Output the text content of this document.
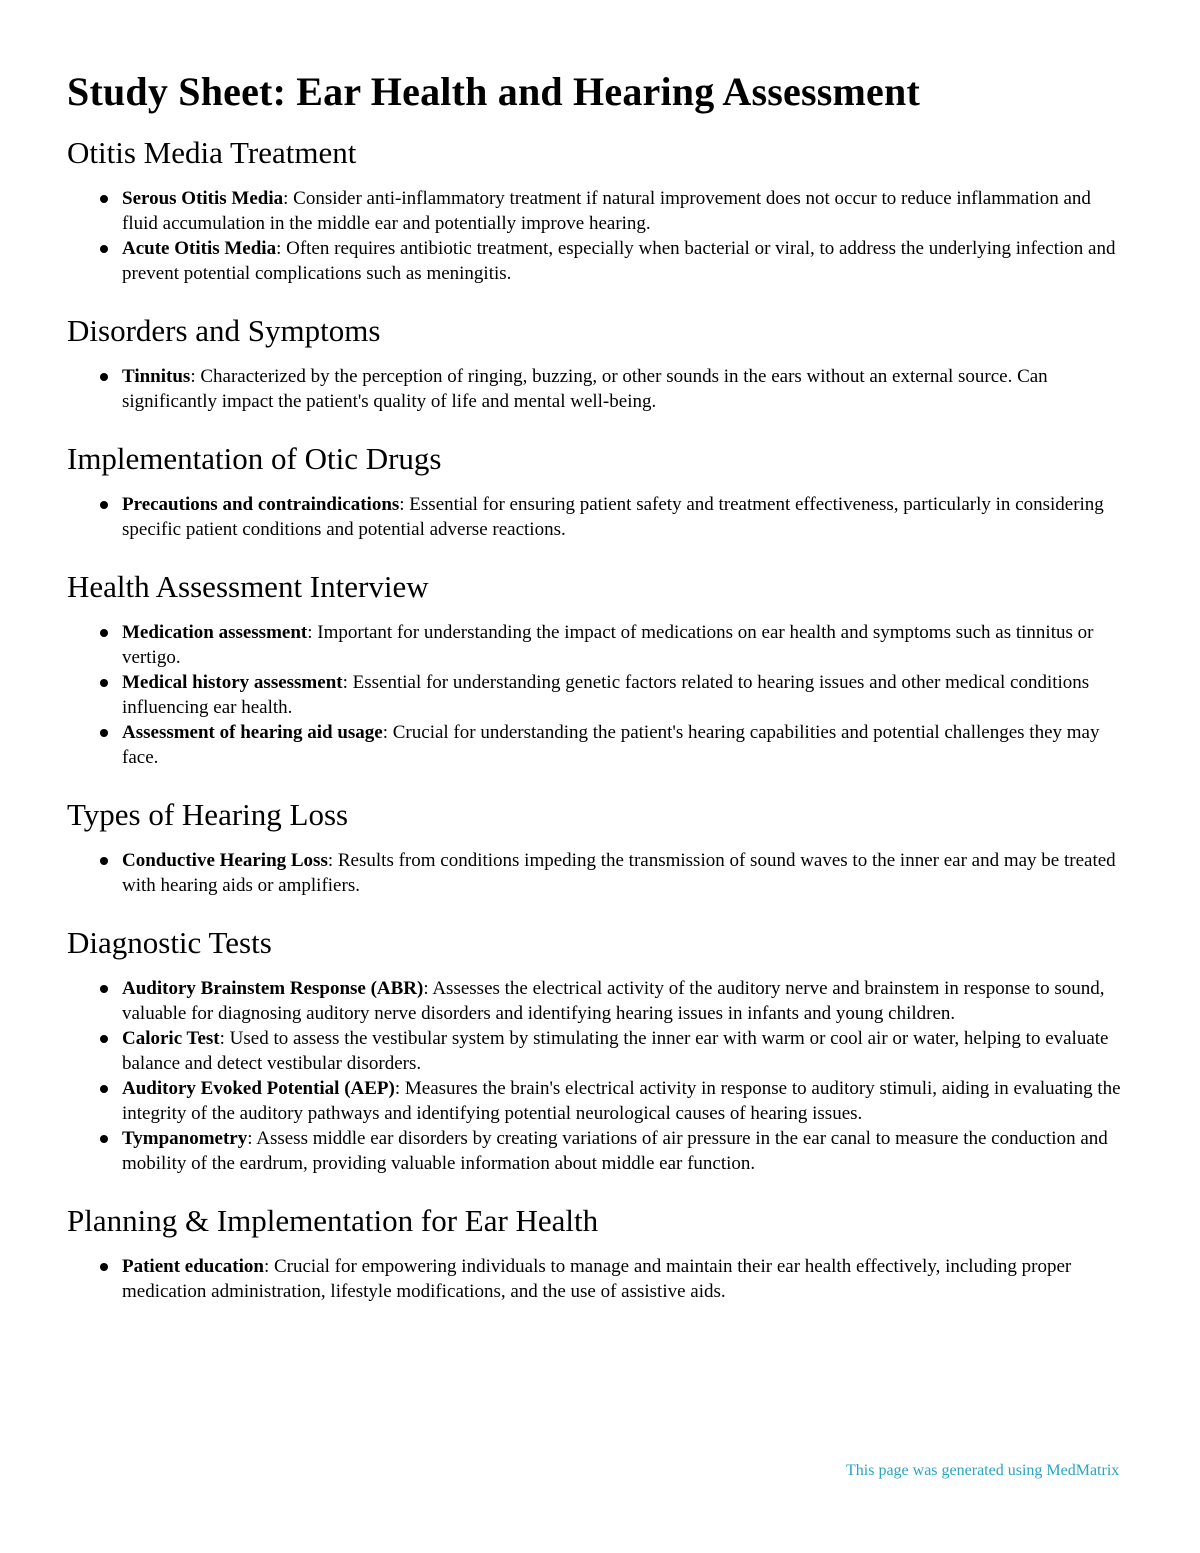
Study Sheet: Ear Health and Hearing Assessment
Otitis Media Treatment
Serous Otitis Media: Consider anti-inflammatory treatment if natural improvement does not occur to reduce inflammation and fluid accumulation in the middle ear and potentially improve hearing.
Acute Otitis Media: Often requires antibiotic treatment, especially when bacterial or viral, to address the underlying infection and prevent potential complications such as meningitis.
Disorders and Symptoms
Tinnitus: Characterized by the perception of ringing, buzzing, or other sounds in the ears without an external source. Can significantly impact the patient's quality of life and mental well-being.
Implementation of Otic Drugs
Precautions and contraindications: Essential for ensuring patient safety and treatment effectiveness, particularly in considering specific patient conditions and potential adverse reactions.
Health Assessment Interview
Medication assessment: Important for understanding the impact of medications on ear health and symptoms such as tinnitus or vertigo.
Medical history assessment: Essential for understanding genetic factors related to hearing issues and other medical conditions influencing ear health.
Assessment of hearing aid usage: Crucial for understanding the patient's hearing capabilities and potential challenges they may face.
Types of Hearing Loss
Conductive Hearing Loss: Results from conditions impeding the transmission of sound waves to the inner ear and may be treated with hearing aids or amplifiers.
Diagnostic Tests
Auditory Brainstem Response (ABR): Assesses the electrical activity of the auditory nerve and brainstem in response to sound, valuable for diagnosing auditory nerve disorders and identifying hearing issues in infants and young children.
Caloric Test: Used to assess the vestibular system by stimulating the inner ear with warm or cool air or water, helping to evaluate balance and detect vestibular disorders.
Auditory Evoked Potential (AEP): Measures the brain's electrical activity in response to auditory stimuli, aiding in evaluating the integrity of the auditory pathways and identifying potential neurological causes of hearing issues.
Tympanometry: Assess middle ear disorders by creating variations of air pressure in the ear canal to measure the conduction and mobility of the eardrum, providing valuable information about middle ear function.
Planning & Implementation for Ear Health
Patient education: Crucial for empowering individuals to manage and maintain their ear health effectively, including proper medication administration, lifestyle modifications, and the use of assistive aids.
This page was generated using MedMatrix
